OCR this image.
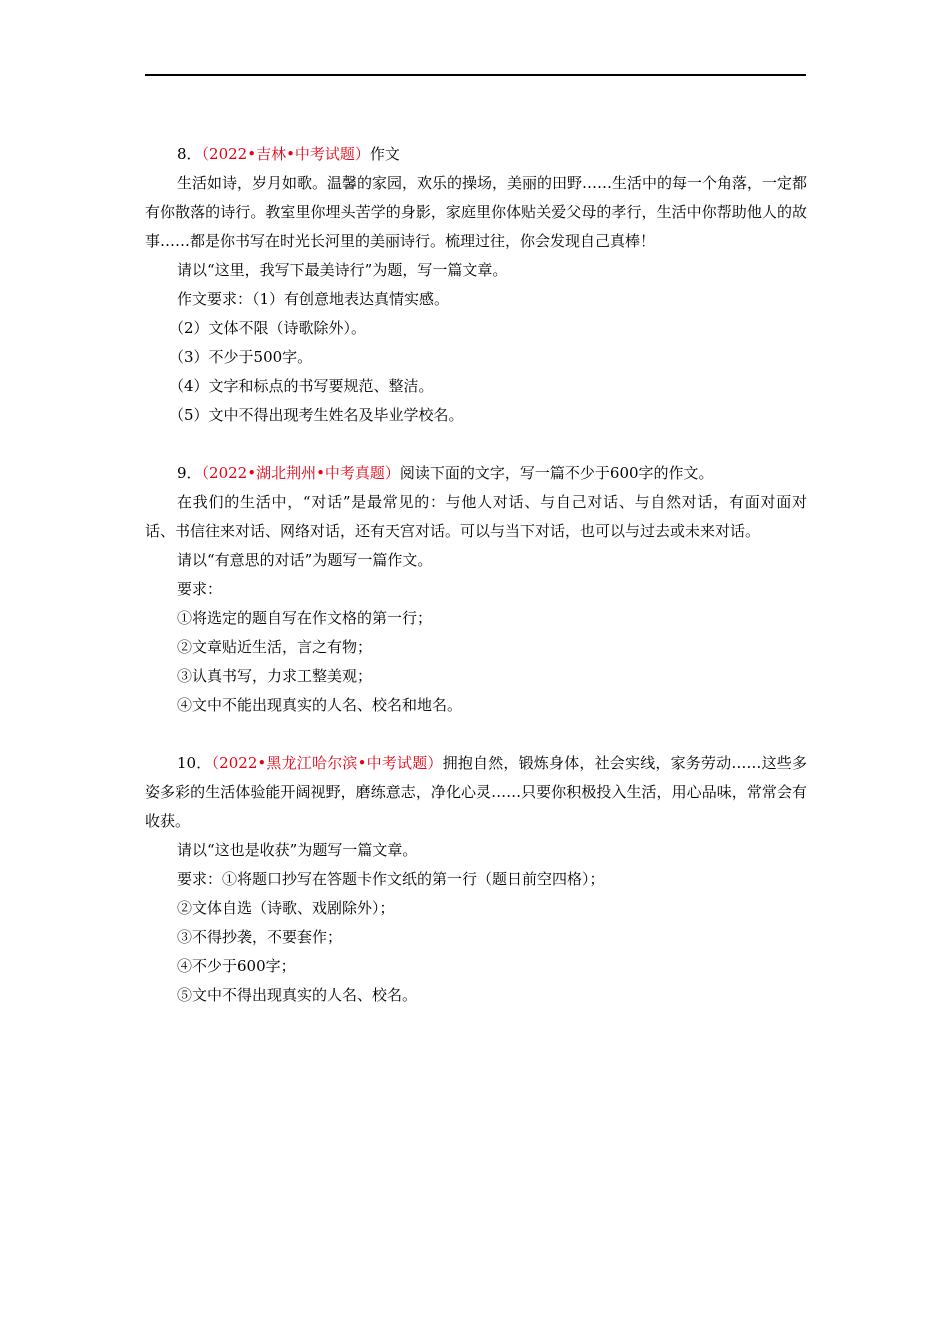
8．（2022•吉林•中考试题）作文
生活如诗，岁月如歌。温馨的家园，欢乐的操场，美丽的田野……生活中的每一个角落，一定都有你散落的诗行。教室里你埋头苦学的身影，家庭里你体贴关爱父母的孝行，生活中你帮助他人的故事……都是你书写在时光长河里的美丽诗行。梳理过往，你会发现自己真棒！
请以“这里，我写下最美诗行”为题，写一篇文章。
作文要求：（1）有创意地表达真情实感。
（2）文体不限（诗歌除外）。
（3）不少于500字。
（4）文字和标点的书写要规范、整洁。
（5）文中不得出现考生姓名及毕业学校名。
9．（2022•湖北荆州•中考真题）阅读下面的文字，写一篇不少于600字的作文。
在我们的生活中，“对话”是最常见的：与他人对话、与自己对话、与自然对话，有面对面对话、书信往来对话、网络对话，还有天宫对话。可以与当下对话，也可以与过去或未来对话。
请以“有意思的对话”为题写一篇作文。
要求：
①将选定的题自写在作文格的第一行；
②文章贴近生活，言之有物；
③认真书写，力求工整美观；
④文中不能出现真实的人名、校名和地名。
10．（2022•黑龙江哈尔滨•中考试题）拥抱自然，锻炼身体，社会实线，家务劳动……这些多姿多彩的生活体验能开阔视野，磨练意志，净化心灵……只要你积极投入生活，用心品味，常常会有收获。
请以“这也是收获”为题写一篇文章。
要求：①将题口抄写在答题卡作文纸的第一行（题日前空四格）；
②文体自选（诗歌、戏剧除外）；
③不得抄袭，不要套作；
④不少于600字；
⑤文中不得出现真实的人名、校名。
